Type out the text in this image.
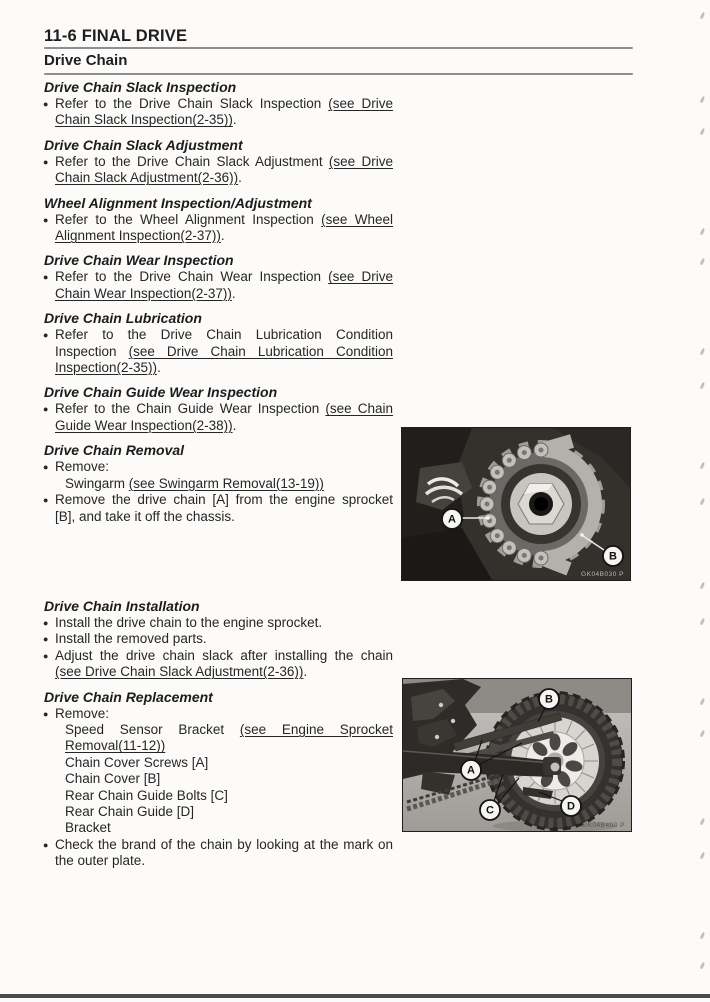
11-6 FINAL DRIVE
Drive Chain
Drive Chain Slack Inspection

●
Refer to the Drive Chain Slack Inspection (see Drive Chain Slack Inspection(2-35)).

Drive Chain Slack Adjustment

●
Refer to the Drive Chain Slack Adjustment (see Drive Chain Slack Adjustment(2-36)).

Wheel Alignment Inspection/Adjustment

●
Refer to the Wheel Alignment Inspection (see Wheel Alignment Inspection(2-37)).

Drive Chain Wear Inspection

●
Refer to the Drive Chain Wear Inspection (see Drive Chain Wear Inspection(2-37)).

Drive Chain Lubrication

●
Refer to the Drive Chain Lubrication Condition Inspection (see Drive Chain Lubrication Condition Inspection(2-35)).

Drive Chain Guide Wear Inspection

●
Refer to the Chain Guide Wear Inspection (see Chain Guide Wear Inspection(2-38)).

Drive Chain Removal

●
Remove:

Swingarm (see Swingarm Removal(13-19))

●
Remove the drive chain [A] from the engine sprocket [B], and take it off the chassis.

Drive Chain Installation

●
Install the drive chain to the engine sprocket.

●
Install the removed parts.

●
Adjust the drive chain slack after installing the chain (see Drive Chain Slack Adjustment(2-36)).

Drive Chain Replacement

●
Remove:

Speed Sensor Bracket (see Engine Sprocket Removal(11-12))

Chain Cover Screws [A]

Chain Cover [B]

Rear Chain Guide Bolts [C]

Rear Chain Guide [D]

Bracket

●
Check the brand of the chain by looking at the mark on the outer plate.

A
B
GK04B030 P
B
A
C	D
GK04B400 P
